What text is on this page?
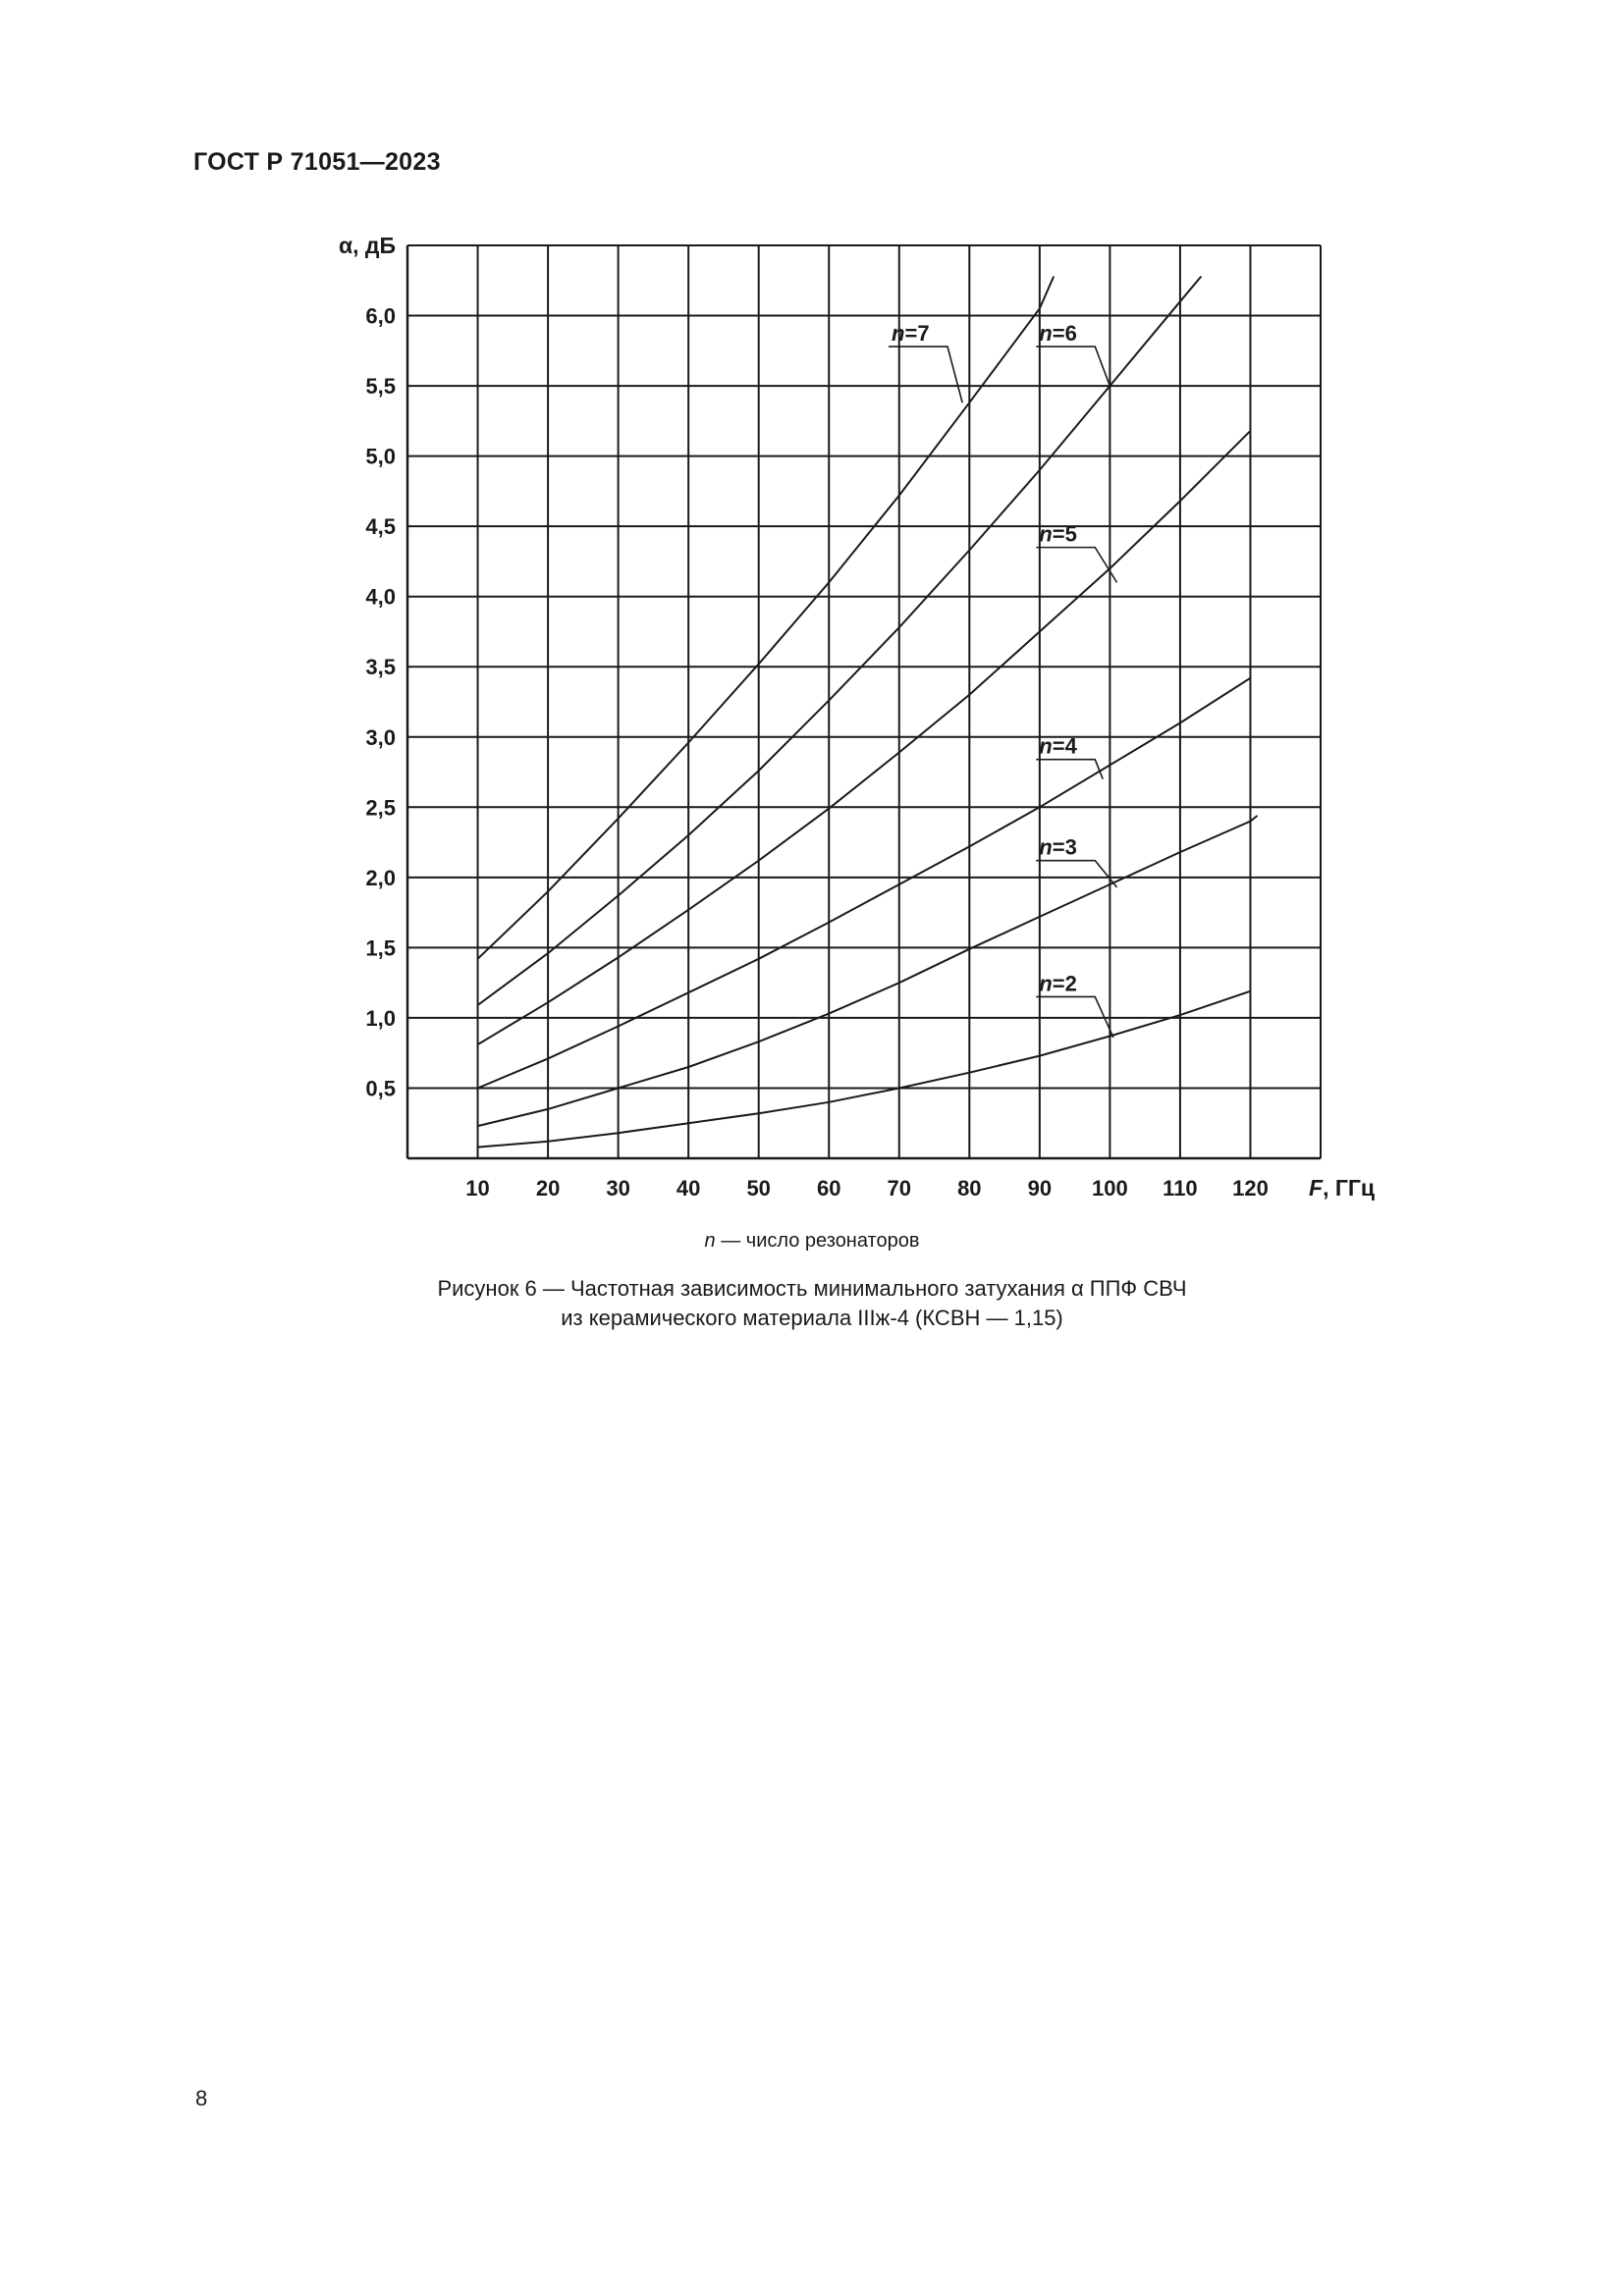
ГОСТ Р 71051—2023
n=2
n=3
n=4
n=5
n=6
n=7
10 20 30 40 50 60 70 80 90 100 110 120 F, ГГц
0,5
1,0
1,5
2,0
2,5
3,0
3,5
4,0
4,5
5,0
5,5
6,0
α, дБ
n — число резонаторов
Рисунок 6 — Частотная зависимость минимального затухания α ППФ СВЧ
из керамического материала IIIж-4 (КСВН — 1,15)
8
